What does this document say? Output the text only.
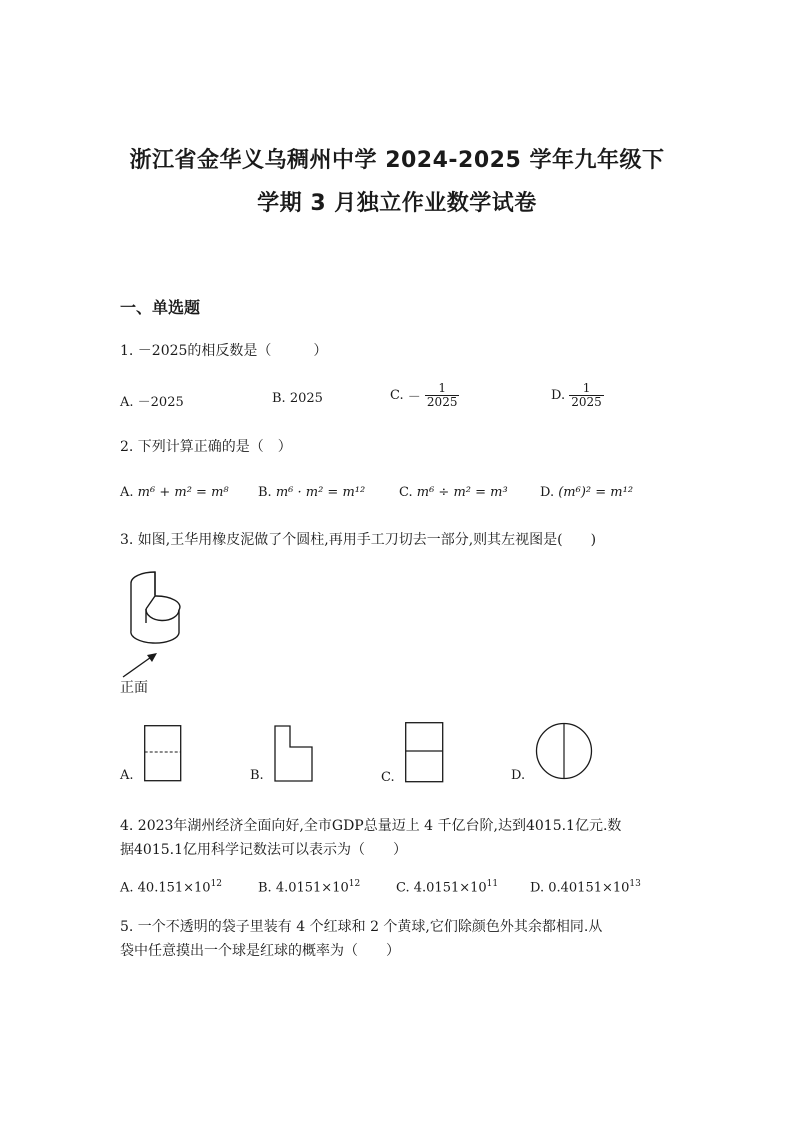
浙江省金华义乌稠州中学 2024-2025 学年九年级下
学期 3 月独立作业数学试卷
一、单选题
1. －2025的相反数是（　　　）
A. －2025	B. 2025	C. － $\frac{1}{2025}$	D. $\frac{1}{2025}$
2. 下列计算正确的是（　）
A. m⁶ + m² = m⁸ B. m⁶ · m² = m¹²	C. m⁶ ÷ m² = m³ D. (m⁶)² = m¹²
3. 如图,王华用橡皮泥做了个圆柱,再用手工刀切去一部分,则其左视图是(　　)
正面
A.	B.	C.	D.
4. 2023年湖州经济全面向好,全市GDP总量迈上 4 千亿台阶,达到4015.1亿元.数
据4015.1亿用科学记数法可以表示为（　　）
A. $40.151\times 10^{12}$	B. $4.0151\times 10^{12}$	C. $4.0151\times 10^{11}$ D. $0.40151\times 10^{13}$
5. 一个不透明的袋子里装有 4 个红球和 2 个黄球,它们除颜色外其余都相同.从
袋中任意摸出一个球是红球的概率为（　　）
